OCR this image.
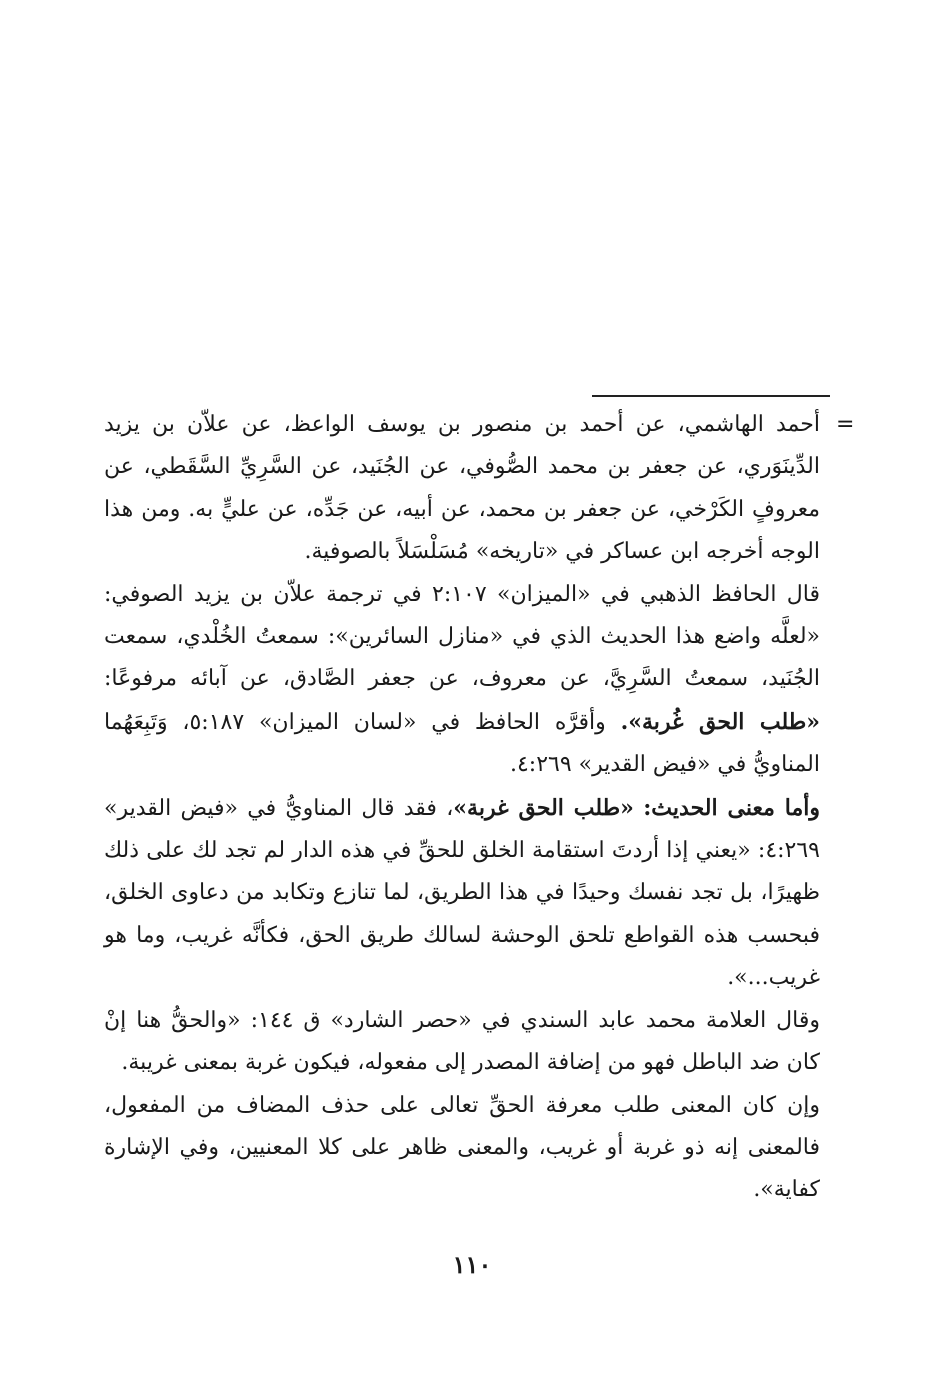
=

أحمد الهاشمي، عن أحمد بن منصور بن يوسف الواعظ، عن علاّن بن يزيد الدِّينَوَري، عن جعفر بن محمد الصُّوفي، عن الجُنَيد، عن السَّرِيِّ السَّقَطي، عن معروفٍ الكَرْخي، عن جعفر بن محمد، عن أبيه، عن جَدِّه، عن عليٍّ به. ومن هذا الوجه أخرجه ابن عساكر في «تاريخه» مُسَلْسَلاً بالصوفية.

قال الحافظ الذهبي في «الميزان» ٢:١٠٧ في ترجمة علاّن بن يزيد الصوفي: «لعلَّه واضع هذا الحديث الذي في «منازل السائرين»: سمعتُ الخُلْدي، سمعت الجُنَيد، سمعتُ السَّرِيَّ، عن معروف، عن جعفر الصَّادق، عن آبائه مرفوعًا: «طلب الحق غُربة». وأقرَّه الحافظ في «لسان الميزان» ٥:١٨٧، وَتَبِعَهُما المناويُّ في «فيض القدير» ٤:٢٦٩.

وأما معنى الحديث: «طلب الحق غربة»، فقد قال المناويُّ في «فيض القدير» ٤:٢٦٩: «يعني إذا أردتَ استقامة الخلق للحقِّ في هذه الدار لم تجد لك على ذلك ظهيرًا، بل تجد نفسك وحيدًا في هذا الطريق، لما تنازع وتكابد من دعاوى الخلق، فبحسب هذه القواطع تلحق الوحشة لسالك طريق الحق، فكأنَّه غريب، وما هو غريب...».

وقال العلامة محمد عابد السندي في «حصر الشارد» ق ١٤٤: «والحقُّ هنا إنْ كان ضد الباطل فهو من إضافة المصدر إلى مفعوله، فيكون غربة بمعنى غريبة.

وإن كان المعنى طلب معرفة الحقِّ تعالى على حذف المضاف من المفعول، فالمعنى إنه ذو غربة أو غريب، والمعنى ظاهر على كلا المعنيين، وفي الإشارة كفاية».

١١٠
